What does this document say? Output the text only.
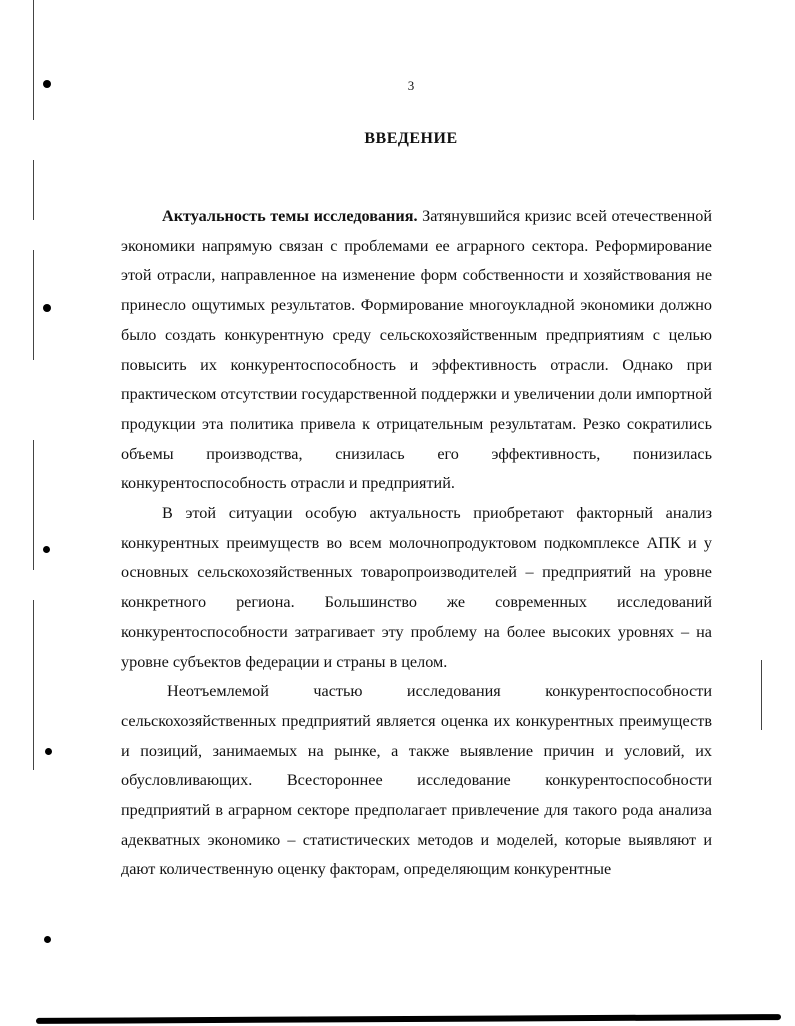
3
ВВЕДЕНИЕ

Актуальность темы исследования. Затянувшийся кризис всей отечественной экономики напрямую связан с проблемами ее аграрного сектора. Реформирование этой отрасли, направленное на изменение форм собственности и хозяйствования не принесло ощутимых результатов. Формирование многоукладной экономики должно было создать конкурентную среду сельскохозяйственным предприятиям с целью повысить их конкурентоспособность и эффективность отрасли. Однако при практическом отсутствии государственной поддержки и увеличении доли импортной продукции эта политика привела к отрицательным результатам. Резко сократились объемы производства, снизилась его эффективность, понизилась конкурентоспособность отрасли и предприятий.

В этой ситуации особую актуальность приобретают факторный анализ конкурентных преимуществ во всем молочнопродуктовом подкомплексе АПК и у основных сельскохозяйственных товаропроизводителей – предприятий на уровне конкретного региона. Большинство же современных исследований конкурентоспособности затрагивает эту проблему на более высоких уровнях – на уровне субъектов федерации и страны в целом.

Неотъемлемой частью исследования конкурентоспособности сельскохозяйственных предприятий является оценка их конкурентных преимуществ и позиций, занимаемых на рынке, а также выявление причин и условий, их обусловливающих. Всестороннее исследование конкурентоспособности предприятий в аграрном секторе предполагает привлечение для такого рода анализа адекватных экономико – статистических методов и моделей, которые выявляют и дают количественную оценку факторам, определяющим конкурентные
